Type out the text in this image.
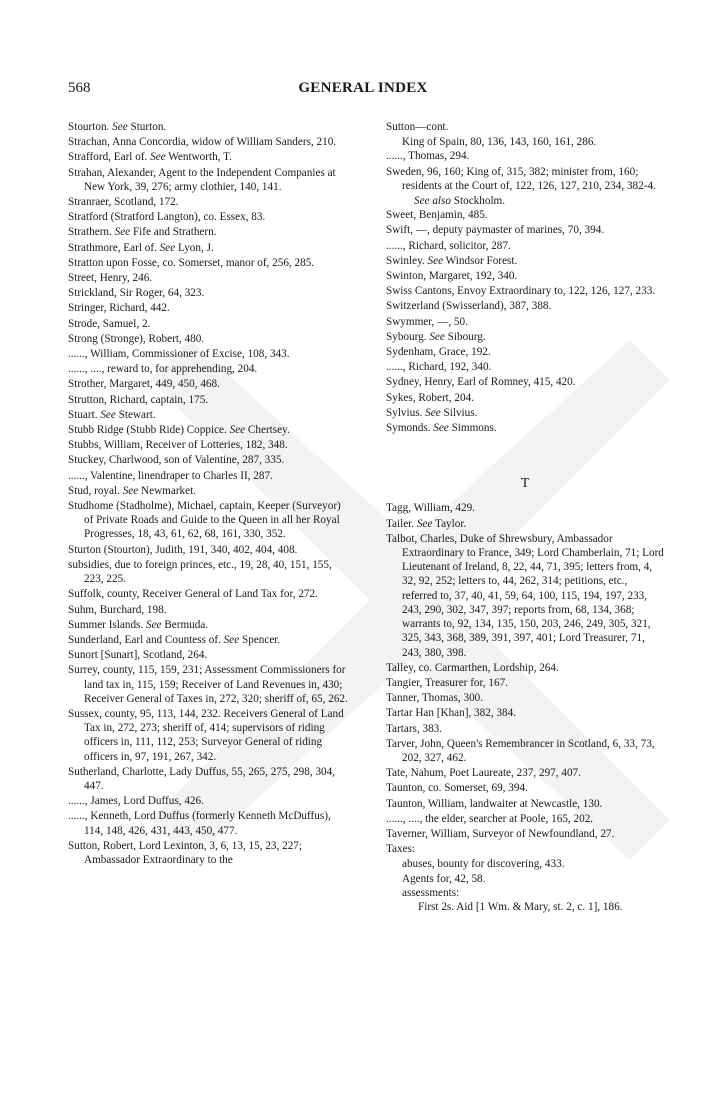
568	GENERAL INDEX

Stourton. See Sturton.

Strachan, Anna Concordia, widow of William Sanders, 210.

Strafford, Earl of. See Wentworth, T.

Strahan, Alexander, Agent to the Independent Companies at New York, 39, 276; army clothier, 140, 141.

Stranraer, Scotland, 172.

Stratford (Stratford Langton), co. Essex, 83.

Strathern. See Fife and Strathern.

Strathmore, Earl of. See Lyon, J.

Stratton upon Fosse, co. Somerset, manor of, 256, 285.

Street, Henry, 246.

Strickland, Sir Roger, 64, 323.

Stringer, Richard, 442.

Strode, Samuel, 2.

Strong (Stronge), Robert, 480.

......, William, Commissioner of Excise, 108, 343.

......, ...., reward to, for apprehending, 204.

Strother, Margaret, 449, 450, 468.

Strutton, Richard, captain, 175.

Stuart. See Stewart.

Stubb Ridge (Stubb Ride) Coppice. See Chertsey.

Stubbs, William, Receiver of Lotteries, 182, 348.

Stuckey, Charlwood, son of Valentine, 287, 335.

......, Valentine, linendraper to Charles II, 287.

Stud, royal. See Newmarket.

Studhome (Stadholme), Michael, captain, Keeper (Surveyor) of Private Roads and Guide to the Queen in all her Royal Progresses, 18, 43, 61, 62, 68, 161, 330, 352.

Sturton (Stourton), Judith, 191, 340, 402, 404, 408.

subsidies, due to foreign princes, etc., 19, 28, 40, 151, 155, 223, 225.

Suffolk, county, Receiver General of Land Tax for, 272.

Suhm, Burchard, 198.

Summer Islands. See Bermuda.

Sunderland, Earl and Countess of. See Spencer.

Sunort [Sunart], Scotland, 264.

Surrey, county, 115, 159, 231; Assessment Commissioners for land tax in, 115, 159; Receiver of Land Revenues in, 430; Receiver General of Taxes in, 272, 320; sheriff of, 65, 262.

Sussex, county, 95, 113, 144, 232. Receivers General of Land Tax in, 272, 273; sheriff of, 414; supervisors of riding officers in, 111, 112, 253; Surveyor General of riding officers in, 97, 191, 267, 342.

Sutherland, Charlotte, Lady Duffus, 55, 265, 275, 298, 304, 447.

......, James, Lord Duffus, 426.

......, Kenneth, Lord Duffus (formerly Kenneth McDuffus), 114, 148, 426, 431, 443, 450, 477.

Sutton, Robert, Lord Lexinton, 3, 6, 13, 15, 23, 227; Ambassador Extraordinary to the

Sutton—cont.

King of Spain, 80, 136, 143, 160, 161, 286.

......, Thomas, 294.

Sweden, 96, 160; King of, 315, 382; minister from, 160; residents at the Court of, 122, 126, 127, 210, 234, 382-4.

See also Stockholm.

Sweet, Benjamin, 485.

Swift, —, deputy paymaster of marines, 70, 394.

......, Richard, solicitor, 287.

Swinley. See Windsor Forest.

Swinton, Margaret, 192, 340.

Swiss Cantons, Envoy Extraordinary to, 122, 126, 127, 233.

Switzerland (Swisserland), 387, 388.

Swymmer, —, 50.

Sybourg. See Sibourg.

Sydenham, Grace, 192.

......, Richard, 192, 340.

Sydney, Henry, Earl of Romney, 415, 420.

Sykes, Robert, 204.

Sylvius. See Silvius.

Symonds. See Simmons.

T

Tagg, William, 429.

Tailer. See Taylor.

Talbot, Charles, Duke of Shrewsbury, Ambassador Extraordinary to France, 349; Lord Chamberlain, 71; Lord Lieutenant of Ireland, 8, 22, 44, 71, 395; letters from, 4, 32, 92, 252; letters to, 44, 262, 314; petitions, etc., referred to, 37, 40, 41, 59, 64, 100, 115, 194, 197, 233, 243, 290, 302, 347, 397; reports from, 68, 134, 368; warrants to, 92, 134, 135, 150, 203, 246, 249, 305, 321, 325, 343, 368, 389, 391, 397, 401; Lord Treasurer, 71, 243, 380, 398.

Talley, co. Carmarthen, Lordship, 264.

Tangier, Treasurer for, 167.

Tanner, Thomas, 300.

Tartar Han [Khan], 382, 384.

Tartars, 383.

Tarver, John, Queen's Remembrancer in Scotland, 6, 33, 73, 202, 327, 462.

Tate, Nahum, Poet Laureate, 237, 297, 407.

Taunton, co. Somerset, 69, 394.

Taunton, William, landwaiter at Newcastle, 130.

......, ...., the elder, searcher at Poole, 165, 202.

Taverner, William, Surveyor of Newfoundland, 27.

Taxes:

abuses, bounty for discovering, 433.

Agents for, 42, 58.

assessments:

First 2s. Aid [1 Wm. & Mary, st. 2, c. 1], 186.
